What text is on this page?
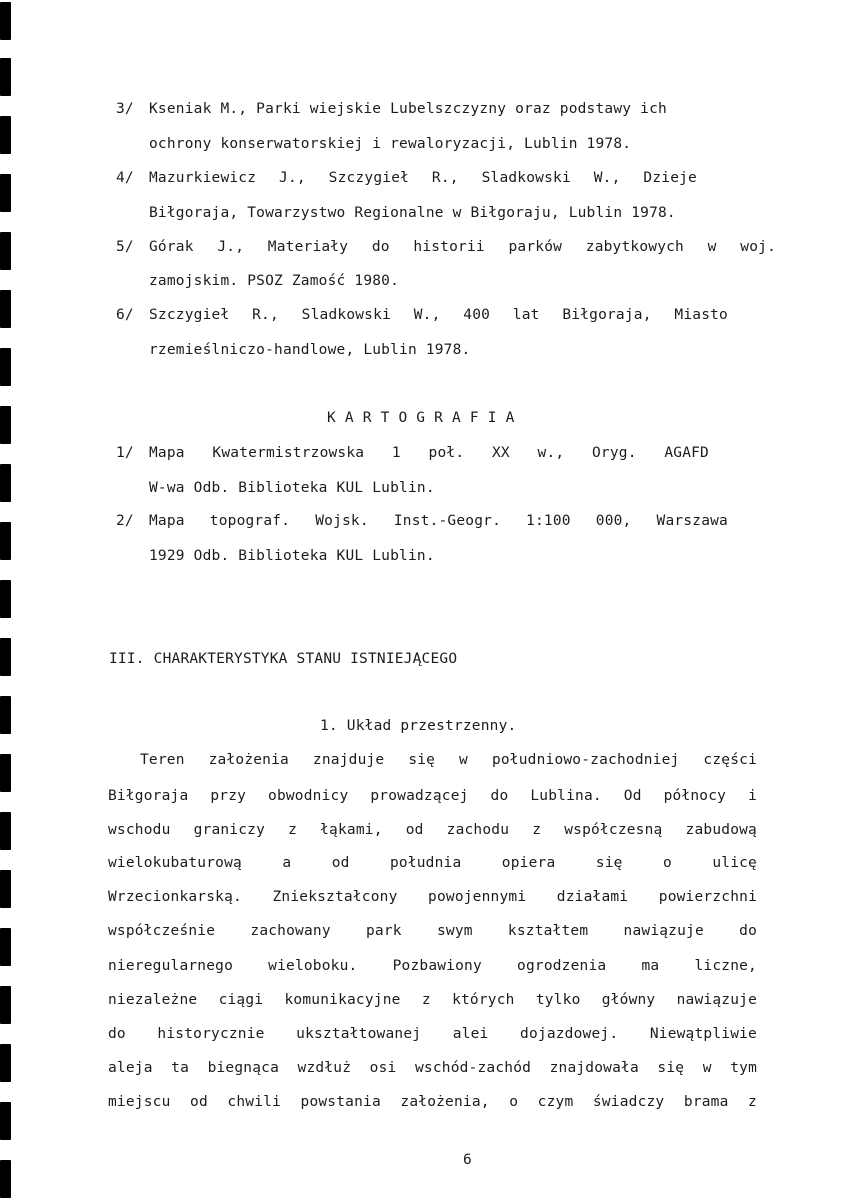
3/ Kseniak M., Parki wiejskie Lubelszczyzny oraz podstawy ich
ochrony konserwatorskiej i rewaloryzacji, Lublin 1978.
4/ Mazurkiewicz J., Szczygieł R., Sladkowski W., Dzieje
Biłgoraja, Towarzystwo Regionalne w Biłgoraju, Lublin 1978.
5/ Górak J., Materiały do historii parków zabytkowych w woj.
zamojskim. PSOZ Zamość 1980.
6/ Szczygieł R., Sladkowski W., 400 lat Biłgoraja, Miasto
rzemieślniczo-handlowe, Lublin 1978.
K A R T O G R A F I A
1/ Mapa Kwatermistrzowska 1 poł. XX w., Oryg. AGAFD
W-wa Odb. Biblioteka KUL Lublin.
2/ Mapa topograf. Wojsk. Inst.-Geogr. 1:100 000, Warszawa
1929 Odb. Biblioteka KUL Lublin.
III. CHARAKTERYSTYKA STANU ISTNIEJĄCEGO
1. Układ przestrzenny.
Teren założenia znajduje się w południowo-zachodniej części
Biłgoraja przy obwodnicy prowadzącej do Lublina. Od północy i
wschodu graniczy z łąkami, od zachodu z współczesną zabudową
wielokubaturową a od południa opiera się o ulicę
Wrzecionkarską. Zniekształcony powojennymi działami powierzchni
współcześnie zachowany park swym kształtem nawiązuje do
nieregularnego wieloboku. Pozbawiony ogrodzenia ma liczne,
niezależne ciągi komunikacyjne z których tylko główny nawiązuje
do historycznie ukształtowanej alei dojazdowej. Niewątpliwie
aleja ta biegnąca wzdłuż osi wschód-zachód znajdowała się w tym
miejscu od chwili powstania założenia, o czym świadczy brama z
6
